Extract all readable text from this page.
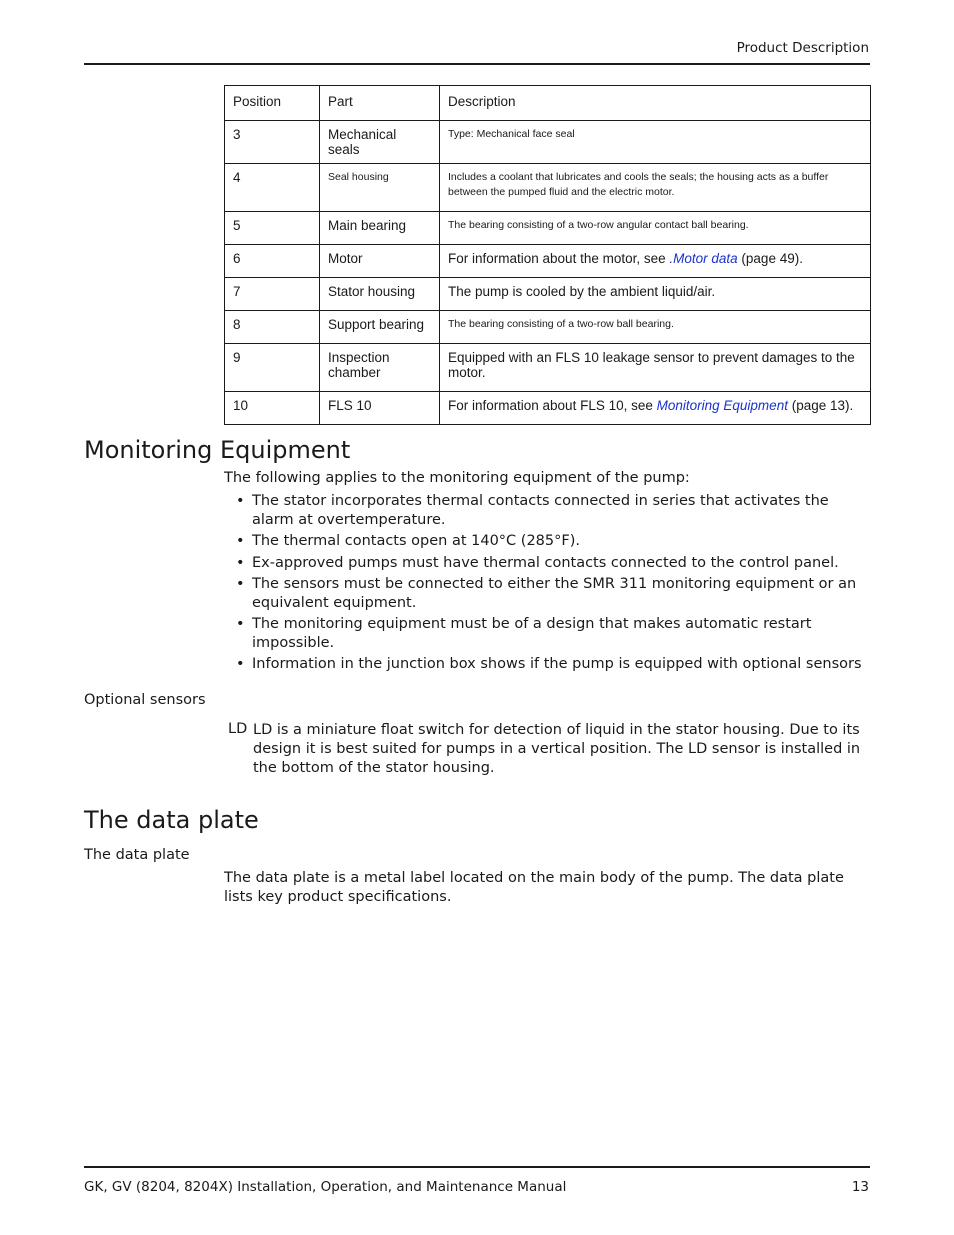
Product Description
Position	Part	Description
3	Mechanical seals	Type: Mechanical face seal
4	Seal housing	Includes a coolant that lubricates and cools the seals; the housing acts as a buffer between the pumped fluid and the electric motor.
5	Main bearing	The bearing consisting of a two-row angular contact ball bearing.
6	Motor	For information about the motor, see .Motor data (page 49).
7	Stator housing	The pump is cooled by the ambient liquid/air.
8	Support bearing	The bearing consisting of a two-row ball bearing.
9	Inspection chamber	Equipped with an FLS 10 leakage sensor to prevent damages to the motor.
10	FLS 10	For information about FLS 10, see Monitoring Equipment (page 13).
Monitoring Equipment

The following applies to the monitoring equipment of the pump:

• The stator incorporates thermal contacts connected in series that activates the alarm at overtemperature.
• The thermal contacts open at 140°C (285°F).
• Ex-approved pumps must have thermal contacts connected to the control panel.
• The sensors must be connected to either the SMR 311 monitoring equipment or an equivalent equipment.
• The monitoring equipment must be of a design that makes automatic restart impossible.
• Information in the junction box shows if the pump is equipped with optional sensors

Optional sensors

LD LD is a miniature float switch for detection of liquid in the stator housing. Due to its design it is best suited for pumps in a vertical position. The LD sensor is installed in the bottom of the stator housing.

The data plate

The data plate

The data plate is a metal label located on the main body of the pump. The data plate lists key product specifications.

GK, GV (8204, 8204X) Installation, Operation, and Maintenance Manual	13
